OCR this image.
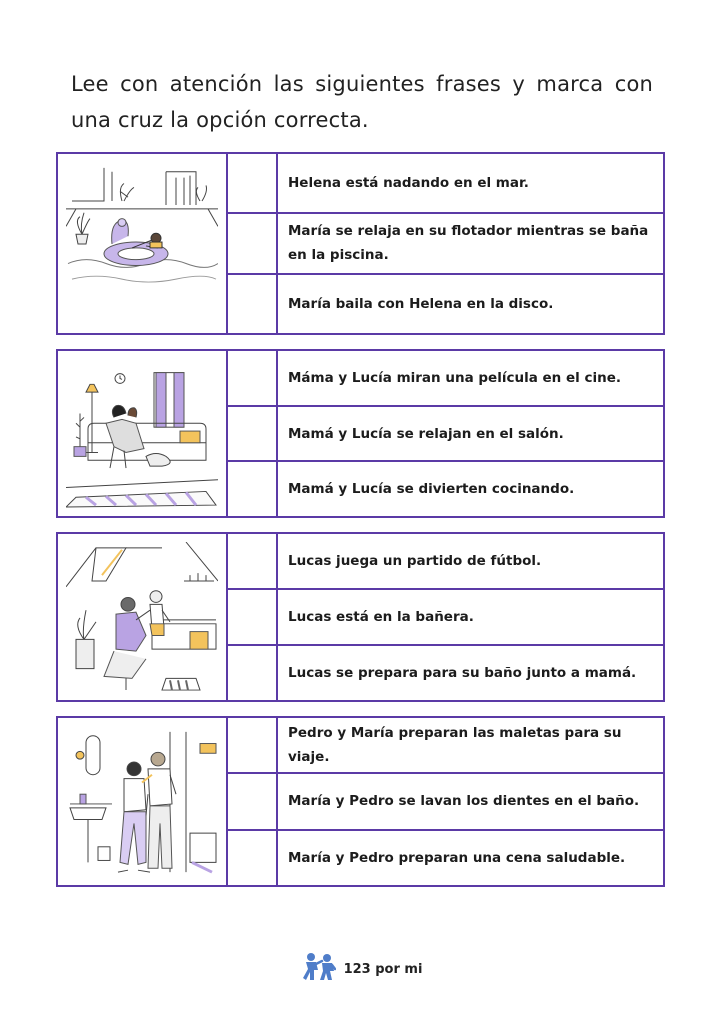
Lee con atención las siguientes frases y marca con una cruz la opción correcta.
Helena está nadando en el mar.
María se relaja en su flotador mientras se baña en la piscina.
María baila con Helena en la disco.
Máma y Lucía miran una película en el cine.
Mamá y Lucía se relajan en el salón.
Mamá y Lucía se divierten cocinando.
Lucas juega un partido de fútbol.
Lucas está en la bañera.
Lucas se prepara para su baño junto a mamá.
Pedro y María preparan las maletas para su viaje.
María y Pedro se lavan los dientes en el baño.
María y Pedro preparan una cena saludable.
123 por mi
